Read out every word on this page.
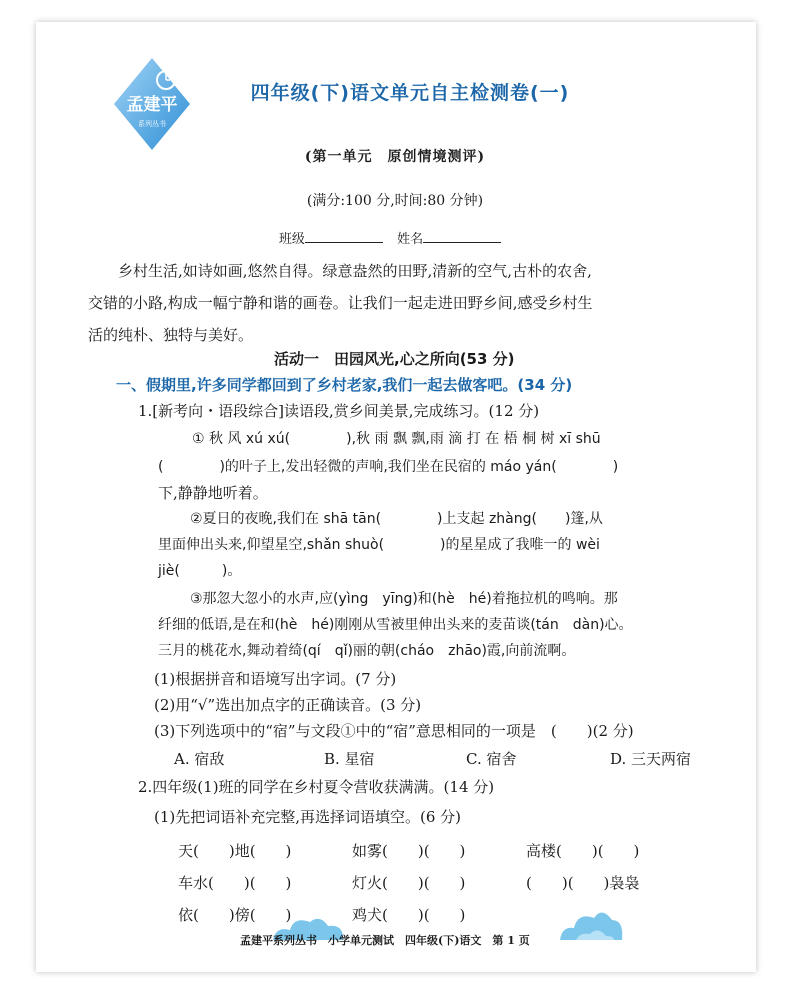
孟建平
系列丛书
四年级(下)语文单元自主检测卷(一)
(第一单元　原创情境测评)
(满分:100 分,时间:80 分钟)
班级	姓名
乡村生活,如诗如画,悠然自得。绿意盎然的田野,清新的空气,古朴的农舍,
交错的小路,构成一幅宁静和谐的画卷。让我们一起走进田野乡间,感受乡村生
活的纯朴、独特与美好。
活动一　田园风光,心之所向(53 分)
一、假期里,许多同学都回到了乡村老家,我们一起去做客吧。(34 分)
1.[新考向・语段综合]读语段,赏乡间美景,完成练习。(12 分)
① 秋 风 xú xú(　　　　),秋 雨 飘 飘,雨 滴 打 在 梧 桐 树 xī shū
(　　　　)的叶子上,发出轻微的声响,我们坐在民宿的 máo yán(　　　　)
下,静静地听着。
②夏日的夜晚,我们在 shā tān(　　　　)上支起 zhàng(　　)篷,从
里面伸出头来,仰望星空,shǎn shuò(　　　　)的星星成了我唯一的 wèi
jiè(　　　)。
③那忽大忽小的水声,应(yìng　yīng)和(hè　hé)着拖拉机的鸣响。那
纤细的低语,是在和(hè　hé)刚刚从雪被里伸出头来的麦苗谈(tán　dàn)心。
三月的桃花水,舞动着绮(qí　qǐ)丽的朝(cháo　zhāo)霞,向前流啊。
(1)根据拼音和语境写出字词。(7 分)
(2)用“√”选出加点字的正确读音。(3 分)
(3)下列选项中的“宿”与文段①中的“宿”意思相同的一项是　(　　)(2 分)
A. 宿敌	B. 星宿	C. 宿舍	D. 三天两宿
2.四年级(1)班的同学在乡村夏令营收获满满。(14 分)
(1)先把词语补充完整,再选择词语填空。(6 分)
天(　　)地(　　)	如雾(　　)(　　)	高楼(　　)(　　)
车水(　　)(　　)	灯火(　　)(　　)	(　　)(　　)袅袅
依(　　)傍(　　)	鸡犬(　　)(　　)
孟建平系列丛书　小学单元测试　四年级(下)语文　第 1 页
